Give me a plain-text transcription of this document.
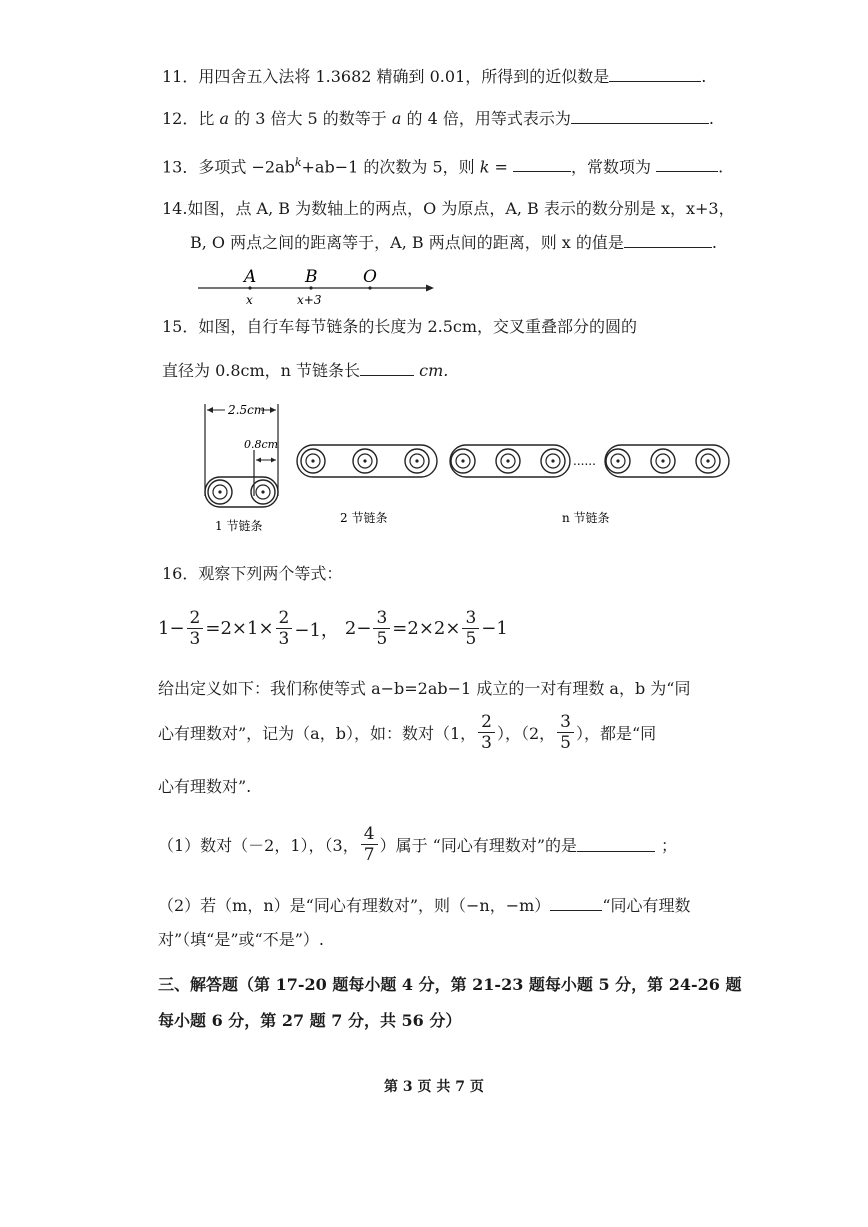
11．用四舍五入法将 1.3682 精确到 0.01，所得到的近似数是	.
12．比 a 的 3 倍大 5 的数等于 a 的 4 倍，用等式表示为	.
13．多项式 $-2ab^k+ab-1$ 的次数为 5，则 k =	，常数项为	.
14.如图，点 A, B 为数轴上的两点，O 为原点，A, B 表示的数分别是 x，x+3，
B, O 两点之间的距离等于，A, B 两点间的距离，则 x 的值是	.
A	B	O
x	x+3
15．如图，自行车每节链条的长度为 2.5cm，交叉重叠部分的圆的
直径为 0.8cm，n 节链条长	cm.
2.5cm
0.8cm
1 节链条
2 节链条
......
n 节链条
16．观察下列两个等式：
$1- \frac{2}{3} =2\times 1\times \frac{2}{3} -1$， $2- \frac{3}{5} =2\times 2\times \frac{3}{5} -1$
给出定义如下：我们称使等式 a−b=2ab−1 成立的一对有理数 a，b 为“同
心有理数对”，记为（a，b），如：数对（1， $\frac{2}{3}$ ），（2， $\frac{3}{5}$ ），都是“同
心有理数对”.
（1）数对（－2，1），（3， $\frac{4}{7}$ ）属于 “同心有理数对”的是	；
（2）若（m，n）是“同心有理数对”，则（−n，−m）	“同心有理数
对”（填“是”或“不是”）.
三、解答题（第 17-20 题每小题 4 分，第 21-23 题每小题 5 分，第 24-26 题
每小题 6 分，第 27 题 7 分，共 56 分）
第 3 页 共 7 页
